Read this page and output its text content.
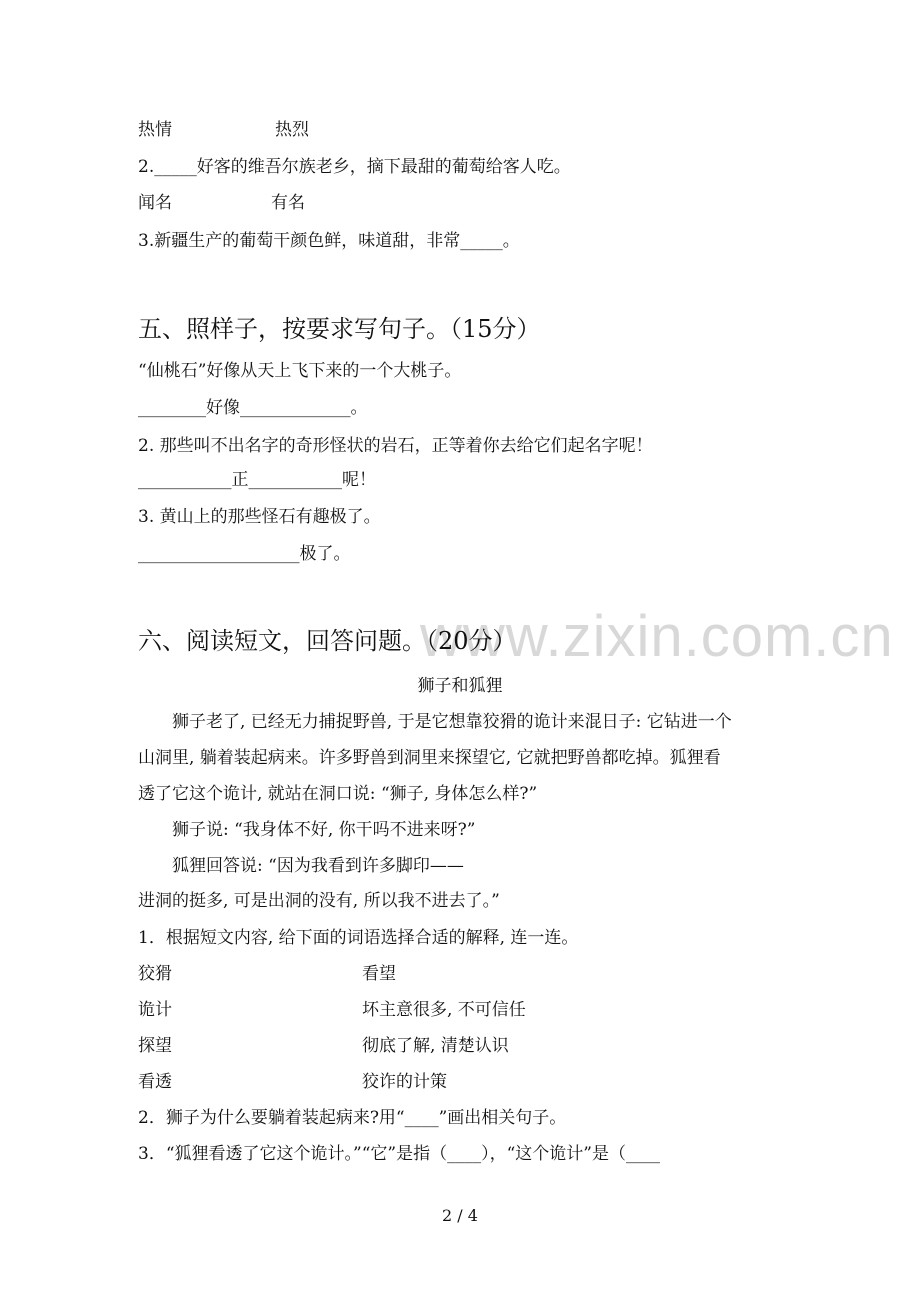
www.zixin.com.cn
热情	热烈
2._____好客的维吾尔族老乡，摘下最甜的葡萄给客人吃。
闻名	有名
3.新疆生产的葡萄干颜色鲜，味道甜，非常_____。
五、照样子，按要求写句子。（15分）
“仙桃石”好像从天上飞下来的一个大桃子。
________好像_____________。
2. 那些叫不出名字的奇形怪状的岩石，正等着你去给它们起名字呢！
___________正___________呢！
3. 黄山上的那些怪石有趣极了。
___________________极了。
六、阅读短文，回答问题。（20分）
狮子和狐狸
狮子老了, 已经无力捕捉野兽, 于是它想靠狡猾的诡计来混日子: 它钻进一个
山洞里, 躺着装起病来。许多野兽到洞里来探望它, 它就把野兽都吃掉。狐狸看
透了它这个诡计, 就站在洞口说: “狮子, 身体怎么样?”
狮子说: “我身体不好, 你干吗不进来呀?”
狐狸回答说: “因为我看到许多脚印——
进洞的挺多, 可是出洞的没有, 所以我不进去了。”
1．根据短文内容, 给下面的词语选择合适的解释, 连一连。
狡猾	看望
诡计	坏主意很多, 不可信任
探望	彻底了解, 清楚认识
看透	狡诈的计策
2．狮子为什么要躺着装起病来?用“____”画出相关句子。
3．“狐狸看透了它这个诡计。”“它”是指（____），“这个诡计”是（____
2 / 4
